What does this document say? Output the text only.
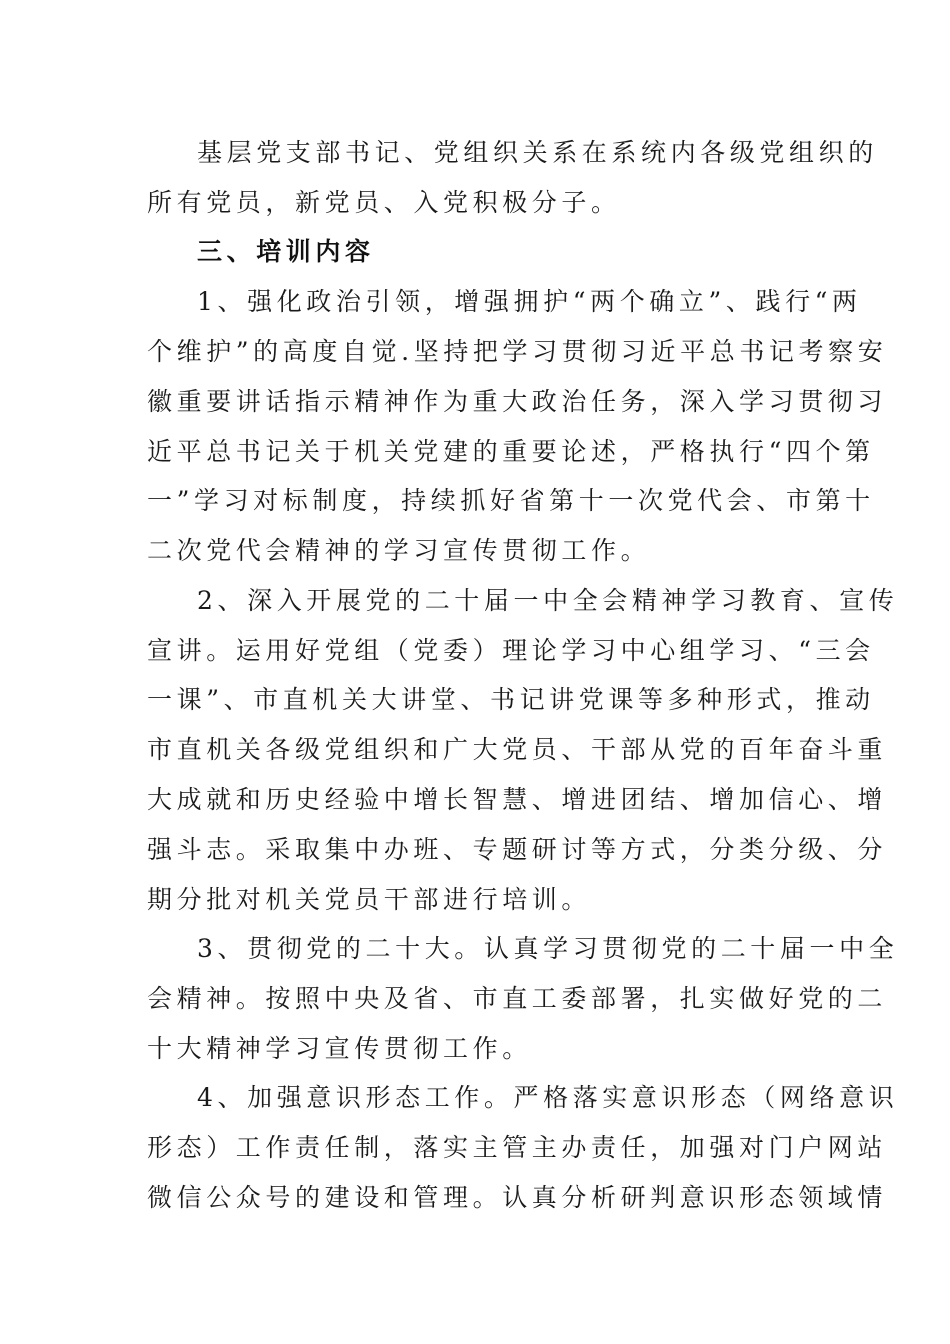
基层党支部书记、党组织关系在系统内各级党组织的
所有党员，新党员、入党积极分子。
三、培训内容
1、强化政治引领，增强拥护“两个确立”、践行“两
个维护”的高度自觉.坚持把学习贯彻习近平总书记考察安
徽重要讲话指示精神作为重大政治任务，深入学习贯彻习
近平总书记关于机关党建的重要论述，严格执行“四个第
一”学习对标制度，持续抓好省第十一次党代会、市第十
二次党代会精神的学习宣传贯彻工作。
2、深入开展党的二十届一中全会精神学习教育、宣传
宣讲。运用好党组（党委）理论学习中心组学习、“三会
一课”、市直机关大讲堂、书记讲党课等多种形式，推动
市直机关各级党组织和广大党员、干部从党的百年奋斗重
大成就和历史经验中增长智慧、增进团结、增加信心、增
强斗志。采取集中办班、专题研讨等方式，分类分级、分
期分批对机关党员干部进行培训。
3、贯彻党的二十大。认真学习贯彻党的二十届一中全
会精神。按照中央及省、市直工委部署，扎实做好党的二
十大精神学习宣传贯彻工作。
4、加强意识形态工作。严格落实意识形态（网络意识
形态）工作责任制，落实主管主办责任，加强对门户网站
微信公众号的建设和管理。认真分析研判意识形态领域情
